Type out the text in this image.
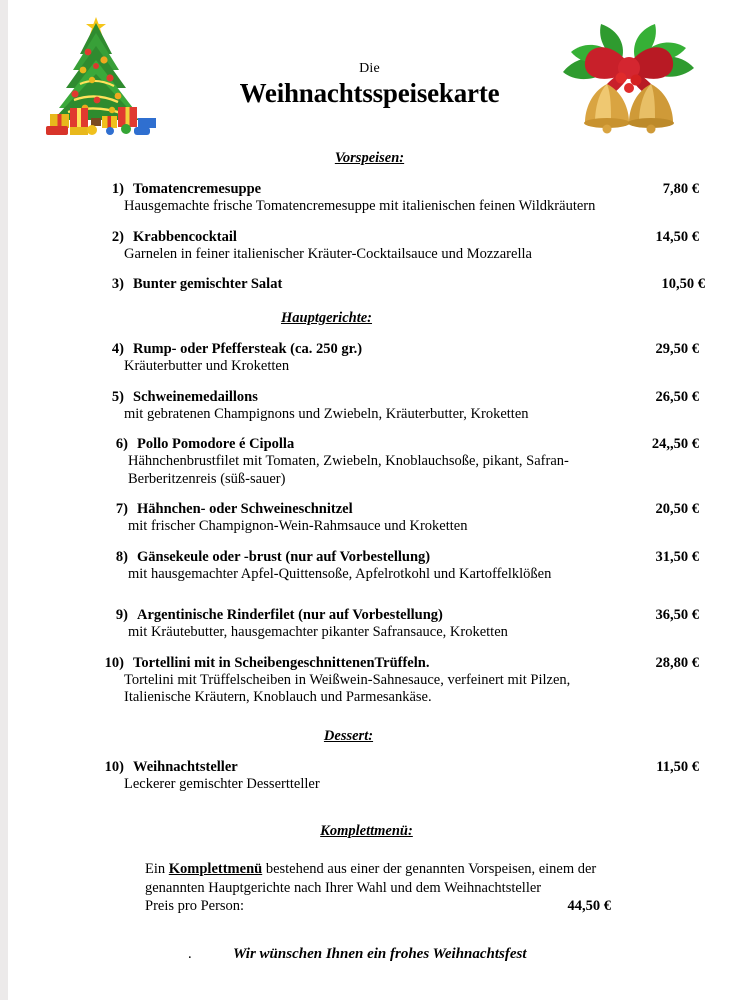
Die
Weihnachtsspeisekarte
Vorspeisen:
1) Tomatencremesuppe	7,80 €
Hausgemachte frische Tomatencremesuppe mit italienischen feinen Wildkräutern
2) Krabbencocktail	14,50 €
Garnelen in feiner italienischer Kräuter-Cocktailsauce und Mozzarella
3) Bunter gemischter Salat	10,50 €
Hauptgerichte:
4) Rump- oder Pfeffersteak (ca. 250 gr.)	29,50 €
Kräuterbutter und Kroketten
5) Schweinemedaillons	26,50 €
mit gebratenen Champignons und Zwiebeln, Kräuterbutter, Kroketten
6) Pollo Pomodore é Cipolla	24,,50 €
Hähnchenbrustfilet mit Tomaten, Zwiebeln, Knoblauchsoße, pikant, Safran-Berberitzenreis (süß-sauer)
7) Hähnchen- oder Schweineschnitzel	20,50 €
mit frischer Champignon-Wein-Rahmsauce und Kroketten
8) Gänsekeule oder -brust (nur auf Vorbestellung)	31,50 €
mit hausgemachter Apfel-Quittensoße, Apfelrotkohl und Kartoffelklößen
9) Argentinische Rinderfilet (nur auf Vorbestellung)	36,50 €
mit Kräutebutter, hausgemachter pikanter Safransauce, Kroketten
10) Tortellini mit in ScheibengeschnittenenTrüffeln.	28,80 €
Tortelini mit Trüffelscheiben in Weißwein-Sahnesauce, verfeinert mit Pilzen, Italienische Kräutern, Knoblauch und Parmesankäse.
Dessert:
10) Weihnachtsteller	11,50 €
Leckerer gemischter Dessertteller
Komplettmenü:
Ein Komplettmenü bestehend aus einer der genannten Vorspeisen, einem der genannten Hauptgerichte nach Ihrer Wahl und dem Weihnachtsteller
Preis pro Person:	44,50 €
.	Wir wünschen Ihnen ein frohes Weihnachtsfest
